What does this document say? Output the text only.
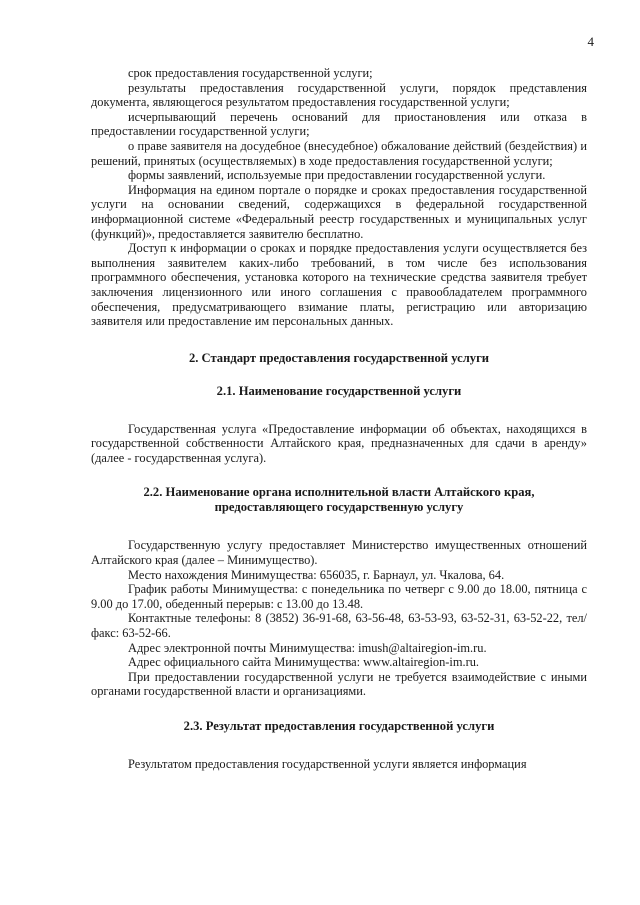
4

срок предоставления государственной услуги;

результаты предоставления государственной услуги, порядок представления документа, являющегося результатом предоставления государственной услуги;

исчерпывающий перечень оснований для приостановления или отказа в предоставлении государственной услуги;

о праве заявителя на досудебное (внесудебное) обжалование действий (бездействия) и решений, принятых (осуществляемых) в ходе предоставления государственной услуги;

формы заявлений, используемые при предоставлении государственной услуги.

Информация на едином портале о порядке и сроках предоставления государственной услуги на основании сведений, содержащихся в федеральной государственной информационной системе «Федеральный реестр государственных и муниципальных услуг (функций)», предоставляется заявителю бесплатно.

Доступ к информации о сроках и порядке предоставления услуги осуществляется без выполнения заявителем каких-либо требований, в том числе без использования программного обеспечения, установка которого на технические средства заявителя требует заключения лицензионного или иного соглашения с правообладателем программного обеспечения, предусматривающего взимание платы, регистрацию или авторизацию заявителя или предоставление им персональных данных.

2. Стандарт предоставления государственной услуги
2.1. Наименование государственной услуги

Государственная услуга «Предоставление информации об объектах, находящихся в государственной собственности Алтайского края, предназначенных для сдачи в аренду» (далее - государственная услуга).

2.2. Наименование органа исполнительной власти Алтайского края,
предоставляющего государственную услугу

Государственную услугу предоставляет Министерство имущественных отношений Алтайского края (далее – Минимущество).

Место нахождения Минимущества: 656035, г. Барнаул, ул. Чкалова, 64.

График работы Минимущества: с понедельника по четверг с 9.00 до 18.00, пятница с 9.00 до 17.00, обеденный перерыв: с 13.00 до 13.48.

Контактные телефоны: 8 (3852) 36-91-68, 63-56-48, 63-53-93, 63-52-31, 63-52-22, тел/факс: 63-52-66.

Адрес электронной почты Минимущества: imush@altairegion-im.ru.

Адрес официального сайта Минимущества: www.altairegion-im.ru.

При предоставлении государственной услуги не требуется взаимодействие с иными органами государственной власти и организациями.

2.3. Результат предоставления государственной услуги

Результатом предоставления государственной услуги является информация
